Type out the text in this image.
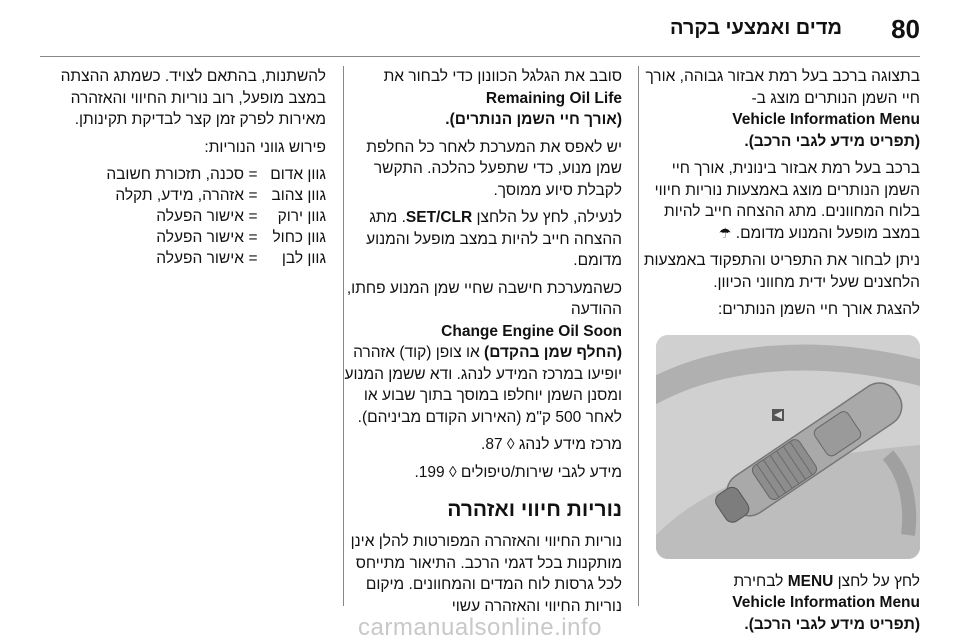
80
מדים ואמצעי בקרה

בתצוגה ברכב בעל רמת אבזור גבוהה, אורך חיי השמן הנותרים מוצג ב-
Vehicle Information Menu
(תפריט מידע לגבי הרכב).

ברכב בעל רמת אבזור בינונית, אורך חיי השמן הנותרים מוצג באמצעות נוריות חיווי בלוח המחוונים. מתג ההצחה חייב להיות במצב מופעל והמנוע מדומם. ☂

ניתן לבחור את התפריט והתפקוד באמצעות הלחצנים שעל ידית מחווני הכיוון.

להצגת אורך חיי השמן הנותרים:

לחץ על לחצן MENU לבחירת
Vehicle Information Menu
(תפריט מידע לגבי הרכב).

סובב את הגלגל הכוונון כדי לבחור את
Remaining Oil Life
(אורך חיי השמן הנותרים).

יש לאפס את המערכת לאחר כל החלפת שמן מנוע, כדי שתפעל כהלכה. התקשר לקבלת סיוע ממוסך.

לנעילה, לחץ על הלחצן SET/CLR. מתג ההצחה חייב להיות במצב מופעל והמנוע מדומם.

כשהמערכת חישבה שחיי שמן המנוע פחתו, ההודעה
Change Engine Oil Soon
(החלף שמן בהקדם) או צופן (קוד) אזהרה יופיעו במרכז המידע לנהג. ודא ששמן המנוע ומסנן השמן יוחלפו במוסך בתוך שבוע או לאחר 500 ק"מ (האירוע הקודם מביניהם).

מרכז מידע לנהג ◊ 87.

מידע לגבי שירות/טיפולים ◊ 199.

נוריות חיווי ואזהרה

נוריות החיווי והאזהרה המפורטות להלן אינן מותקנות בכל דגמי הרכב. התיאור מתייחס לכל גרסות לוח המדים והמחוונים. מיקום נוריות החיווי והאזהרה עשוי

להשתנות, בהתאם לצויד. כשמתג ההצתה במצב מופעל, רוב נוריות החיווי והאזהרה מאירות לפרק זמן קצר לבדיקת תקינותן.

פירוש גווני הנוריות:

גוון אדום
=
סכנה, תזכורת חשובה
גוון צהוב
=
אזהרה, מידע, תקלה
גוון ירוק
=
אישור הפעלה
גוון כחול
=
אישור הפעלה
גוון לבן
=
אישור הפעלה
carmanualsonline.info
